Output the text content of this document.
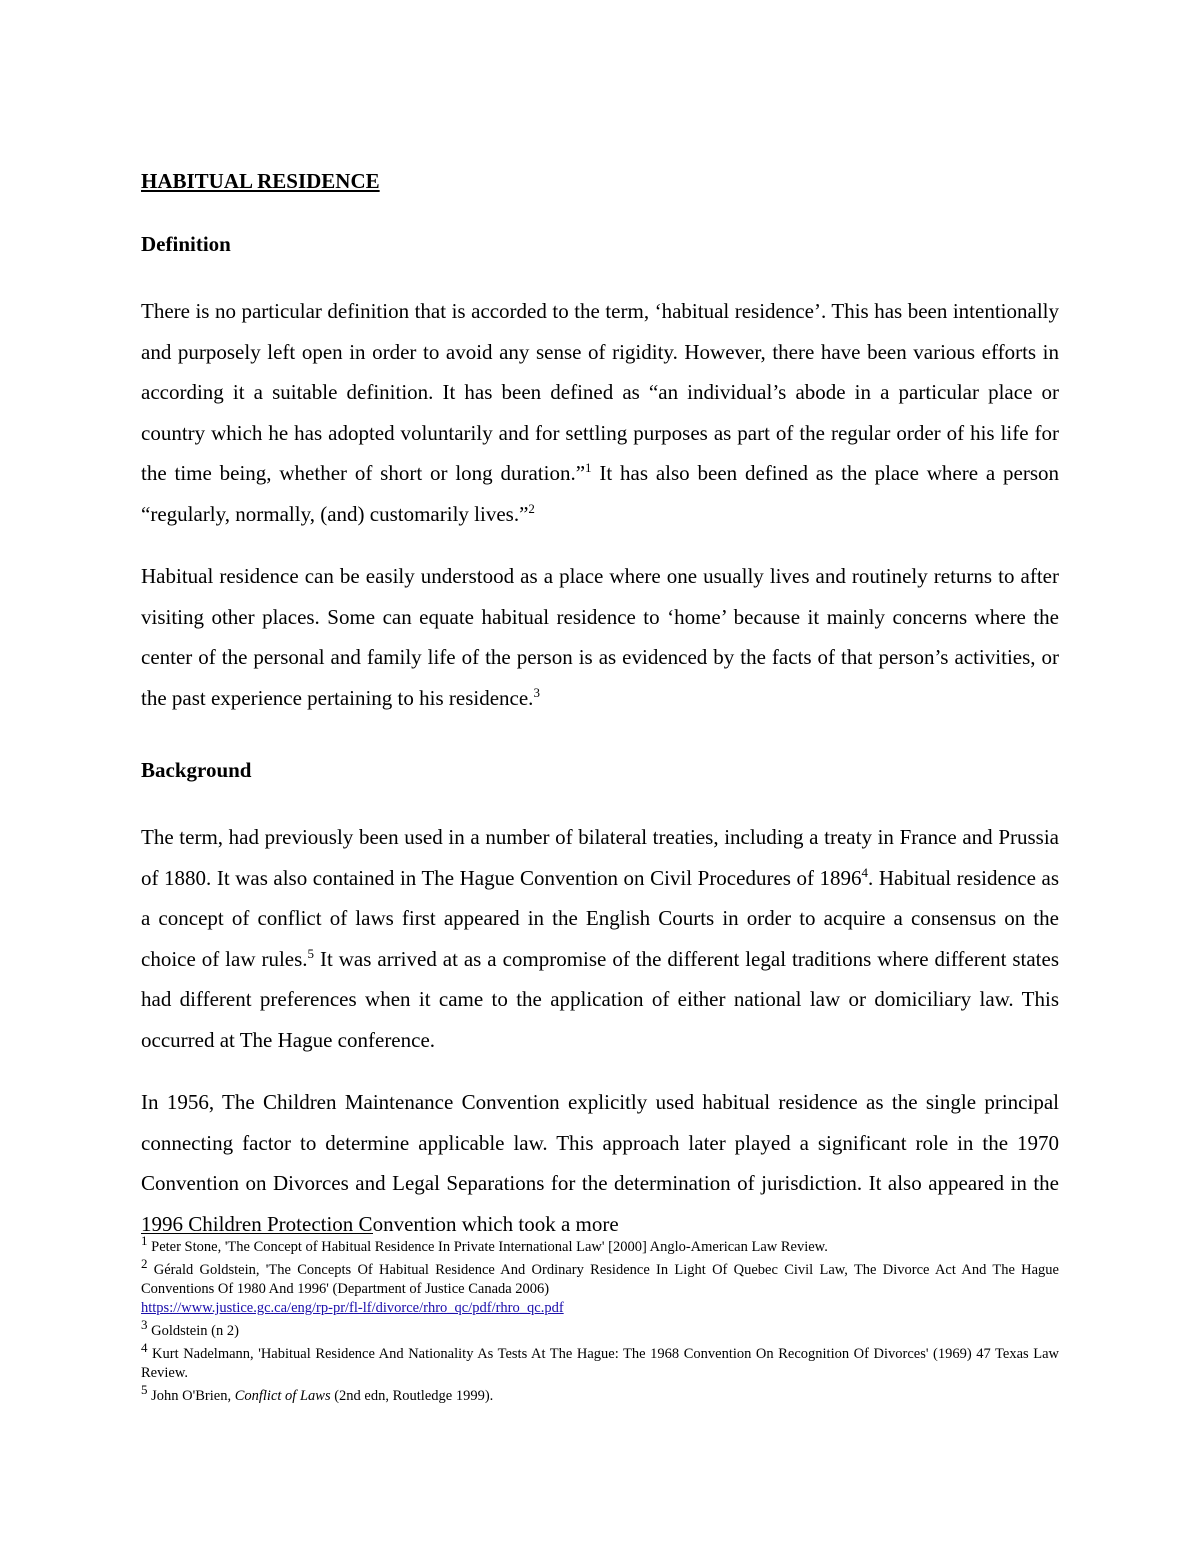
HABITUAL RESIDENCE
Definition

There is no particular definition that is accorded to the term, ‘habitual residence’. This has been intentionally and purposely left open in order to avoid any sense of rigidity. However, there have been various efforts in according it a suitable definition. It has been defined as “an individual’s abode in a particular place or country which he has adopted voluntarily and for settling purposes as part of the regular order of his life for the time being, whether of short or long duration.”$^1$ It has also been defined as the place where a person “regularly, normally, (and) customarily lives.”$^2$

Habitual residence can be easily understood as a place where one usually lives and routinely returns to after visiting other places. Some can equate habitual residence to ‘home’ because it mainly concerns where the center of the personal and family life of the person is as evidenced by the facts of that person’s activities, or the past experience pertaining to his residence.$^3$

Background

The term, had previously been used in a number of bilateral treaties, including a treaty in France and Prussia of 1880. It was also contained in The Hague Convention on Civil Procedures of 1896$^4$. Habitual residence as a concept of conflict of laws first appeared in the English Courts in order to acquire a consensus on the choice of law rules.$^5$ It was arrived at as a compromise of the different legal traditions where different states had different preferences when it came to the application of either national law or domiciliary law. This occurred at The Hague conference.

In 1956, The Children Maintenance Convention explicitly used habitual residence as the single principal connecting factor to determine applicable law. This approach later played a significant role in the 1970 Convention on Divorces and Legal Separations for the determination of jurisdiction. It also appeared in the 1996 Children Protection Convention which took a more

$^1$ Peter Stone, 'The Concept of Habitual Residence In Private International Law' [2000] Anglo-American Law Review.

$^2$ Gérald Goldstein, 'The Concepts Of Habitual Residence And Ordinary Residence In Light Of Quebec Civil Law, The Divorce Act And The Hague Conventions Of 1980 And 1996' (Department of Justice Canada 2006)
https://www.justice.gc.ca/eng/rp-pr/fl-lf/divorce/rhro_qc/pdf/rhro_qc.pdf

$^3$ Goldstein (n 2)

$^4$ Kurt Nadelmann, 'Habitual Residence And Nationality As Tests At The Hague: The 1968 Convention On Recognition Of Divorces' (1969) 47 Texas Law Review.

$^5$ John O'Brien, Conflict of Laws (2nd edn, Routledge 1999).
